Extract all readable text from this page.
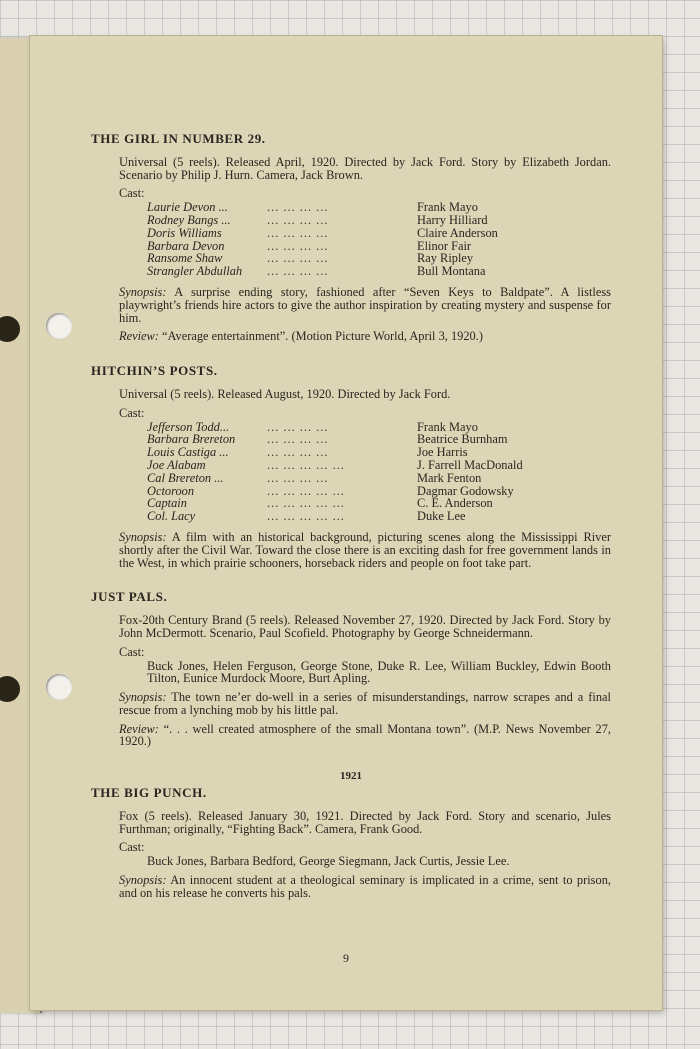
THE GIRL IN NUMBER 29.

Universal (5 reels). Released April, 1920. Directed by Jack Ford. Story by Elizabeth Jordan. Scenario by Philip J. Hurn. Camera, Jack Brown.

Cast:
Laurie Devon ...	... ... ... ...	Frank Mayo
Rodney Bangs ...	... ... ... ...	Harry Hilliard
Doris Williams	... ... ... ...	Claire Anderson
Barbara Devon	... ... ... ...	Elinor Fair
Ransome Shaw	... ... ... ...	Ray Ripley
Strangler Abdullah	... ... ... ...	Bull Montana

Synopsis: A surprise ending story, fashioned after “Seven Keys to Baldpate”. A listless playwright’s friends hire actors to give the author inspiration by creating mystery and suspense for him.

Review: “Average entertainment”. (Motion Picture World, April 3, 1920.)

HITCHIN’S POSTS.

Universal (5 reels). Released August, 1920. Directed by Jack Ford.

Cast:
Jefferson Todd...	... ... ... ...	Frank Mayo
Barbara Brereton	... ... ... ...	Beatrice Burnham
Louis Castiga ...	... ... ... ...	Joe Harris
Joe Alabam	... ... ... ... ...	J. Farrell MacDonald
Cal Brereton ...	... ... ... ...	Mark Fenton
Octoroon	... ... ... ... ...	Dagmar Godowsky
Captain	... ... ... ... ...	C. E. Anderson
Col. Lacy	... ... ... ... ...	Duke Lee

Synopsis: A film with an historical background, picturing scenes along the Mississippi River shortly after the Civil War. Toward the close there is an exciting dash for free government lands in the West, in which prairie schooners, horseback riders and people on foot take part.

JUST PALS.

Fox-20th Century Brand (5 reels). Released November 27, 1920. Directed by Jack Ford. Story by John McDermott. Scenario, Paul Scofield. Photography by George Schneidermann.

Cast:

Buck Jones, Helen Ferguson, George Stone, Duke R. Lee, William Buckley, Edwin Booth Tilton, Eunice Murdock Moore, Burt Apling.

Synopsis: The town ne’er do-well in a series of misunderstandings, narrow scrapes and a final rescue from a lynching mob by his little pal.

Review: “. . . well created atmosphere of the small Montana town”. (M.P. News November 27, 1920.)

1921
THE BIG PUNCH.

Fox (5 reels). Released January 30, 1921. Directed by Jack Ford. Story and scenario, Jules Furthman; originally, “Fighting Back”. Camera, Frank Good.

Cast:

Buck Jones, Barbara Bedford, George Siegmann, Jack Curtis, Jessie Lee.

Synopsis: An innocent student at a theological seminary is implicated in a crime, sent to prison, and on his release he converts his pals.

9
